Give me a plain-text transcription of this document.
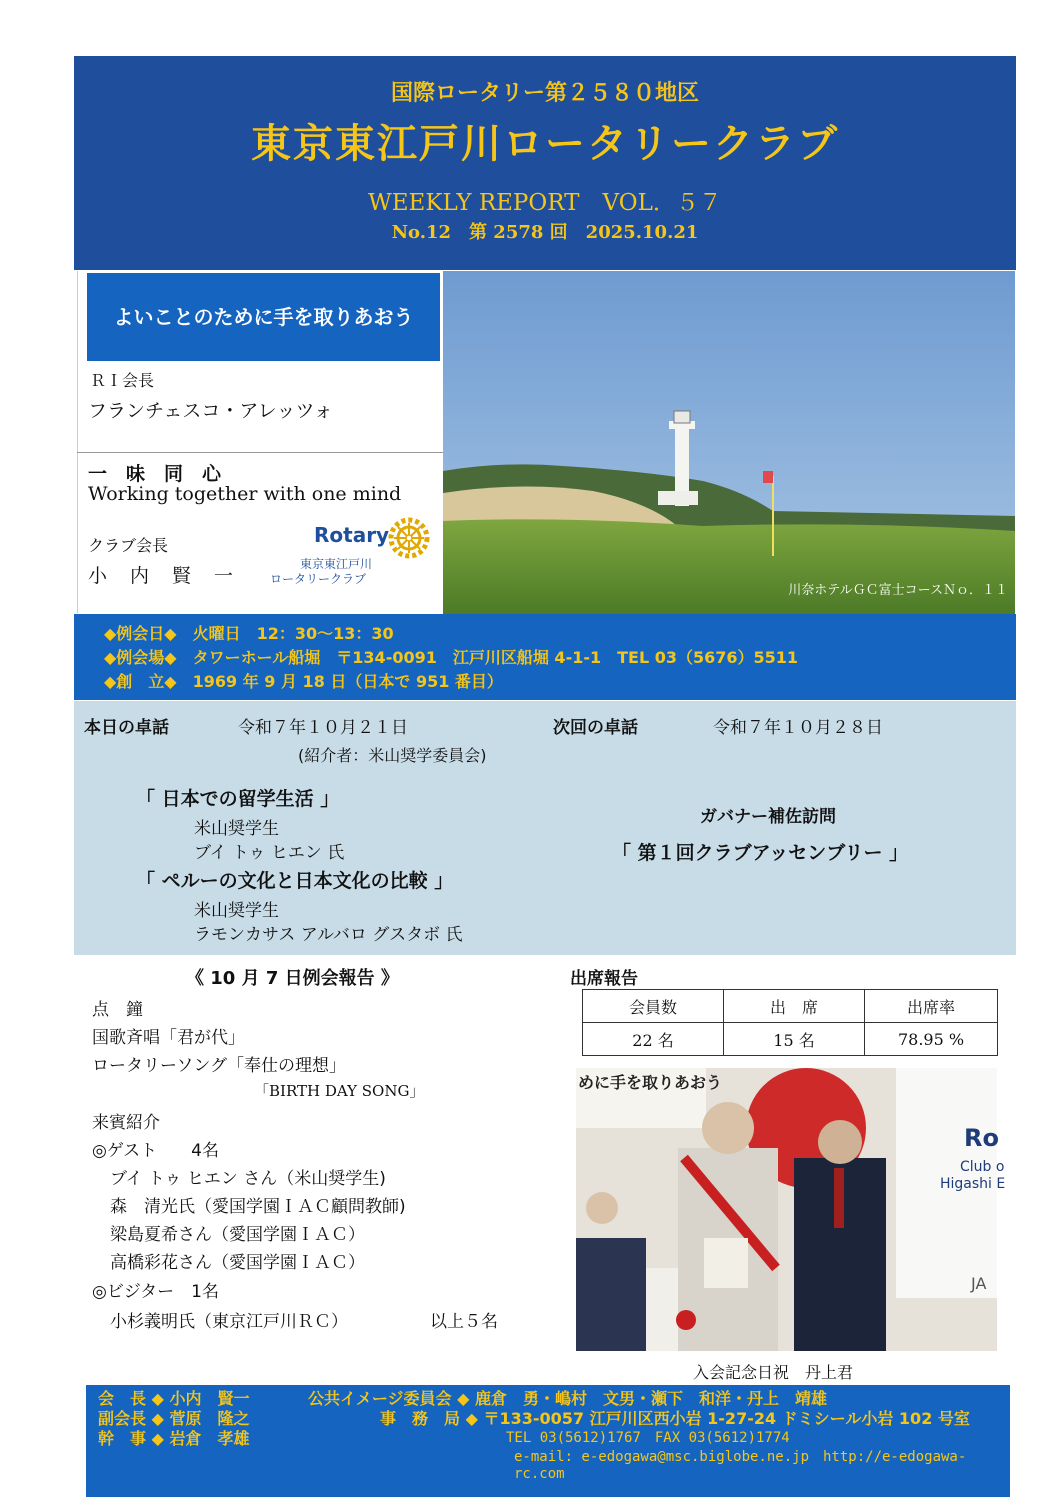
国際ロータリー第２５８０地区
東京東江戸川ロータリークラブ
WEEKLY REPORT　VOL．５７
No.12　第 2578 回　2025.10.21
よいことのために手を取りあおう
ＲＩ会長
フランチェスコ・アレッツォ
一　味　同　心
Working together with one mind
クラブ会長
小　内　賢　一
Rotary
東京東江戸川
ロータリークラブ
川奈ホテルＧＣ富士コースＮｏ．１１
◆例会日◆　火曜日　12：30～13：30
◆例会場◆　タワーホール船堀　〒134-0091　江戸川区船堀 4-1-1　TEL 03（5676）5511
◆創　立◆　1969 年 9 月 18 日（日本で 951 番目）
本日の卓話	令和７年１０月２１日
(紹介者：米山奨学委員会)
「 日本での留学生活 」
米山奨学生
ブイ トゥ ヒエン 氏
「 ペルーの文化と日本文化の比較 」
米山奨学生
ラモンカサス アルバロ グスタボ 氏
次回の卓話	令和７年１０月２８日
ガバナー補佐訪問
「 第１回クラブアッセンブリー 」
《 10 月 7 日例会報告 》
点　鐘
国歌斉唱「君が代」
ロータリーソング「奉仕の理想」
「BIRTH DAY SONG」
来賓紹介
◎ゲスト　　4名
ブイ トゥ ヒエン さん（米山奨学生)
森　清光氏（愛国学園ＩＡＣ顧問教師)
梁島夏希さん（愛国学園ＩＡＣ）
高橋彩花さん（愛国学園ＩＡＣ）
◎ビジター　1名
小杉義明氏（東京江戸川ＲＣ）	以上５名
出席報告
会員数	出　席	出席率
22 名	15 名	78.95 %
めに手を取りあおう
Ro
Club o
Higashi E
JA
入会記念日祝　丹上君
会　長 ◆ 小内　賢一	公共イメージ委員会 ◆ 鹿倉　勇・嶋村　文男・瀬下　和洋・丹上　靖雄
副会長 ◆ 菅原　隆之	事　務　局 ◆ 〒133-0057 江戸川区西小岩 1-27-24 ドミシール小岩 102 号室
幹　事 ◆ 岩倉　孝雄	TEL 03(5612)1767　FAX 03(5612)1774
e-mail: e-edogawa@msc.biglobe.ne.jp　http://e-edogawa-rc.com
